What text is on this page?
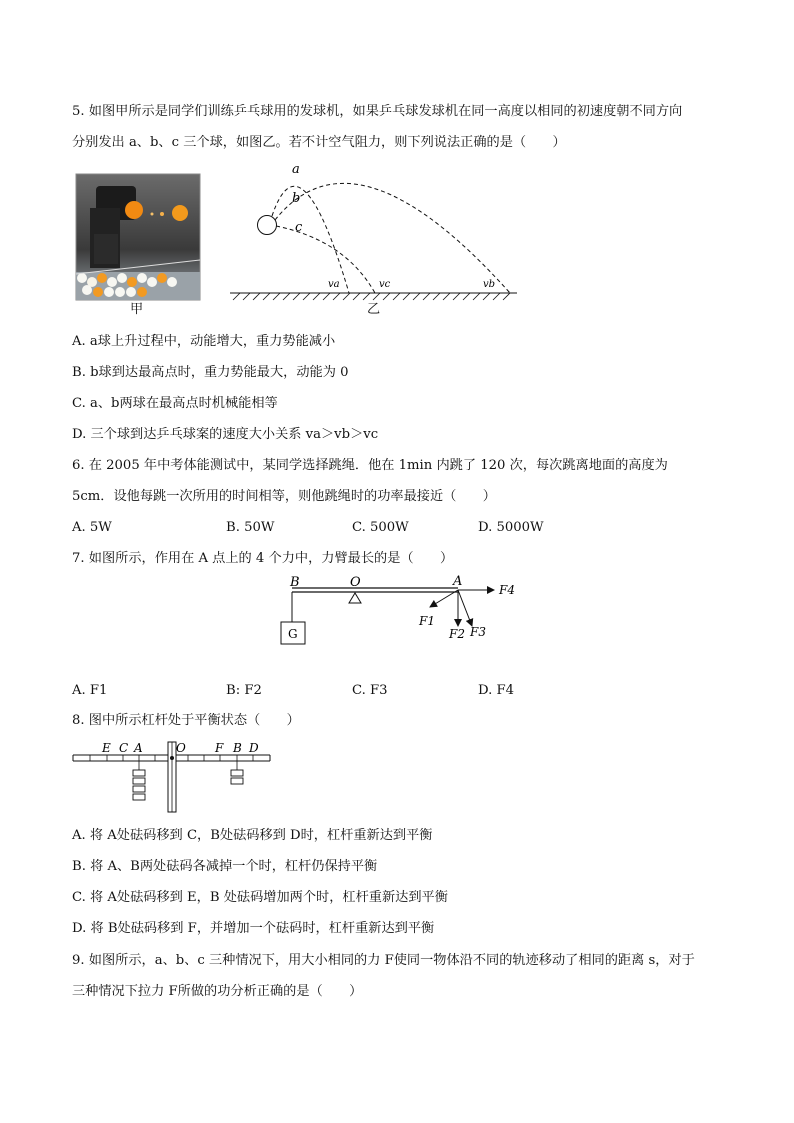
5. 如图甲所示是同学们训练乒乓球用的发球机，如果乒乓球发球机在同一高度以相同的初速度朝不同方向
分别发出 a、b、c 三个球，如图乙。若不计空气阻力，则下列说法正确的是（　　）
甲
a
b
c
va	vc	vb
乙
A. a球上升过程中，动能增大，重力势能减小
B. b球到达最高点时，重力势能最大，动能为 0
C. a、b两球在最高点时机械能相等
D. 三个球到达乒乓球案的速度大小关系 va＞vb＞vc
6. 在 2005 年中考体能测试中，某同学选择跳绳．他在 1min 内跳了 120 次，每次跳离地面的高度为
5cm．设他每跳一次所用的时间相等，则他跳绳时的功率最接近（　　）
A. 5W	B. 50W	C. 500W	D. 5000W
7. 如图所示，作用在 A 点上的 4 个力中，力臂最长的是（　　）
G
B	O	A
F4
F1
F2 F3
A. F1	B: F2	C. F3	D. F4
8. 图中所示杠杆处于平衡状态（　　）
E C A	O F B D
A. 将 A处砝码移到 C，B处砝码移到 D时，杠杆重新达到平衡
B. 将 A、B两处砝码各减掉一个时，杠杆仍保持平衡
C. 将 A处砝码移到 E，B 处砝码增加两个时，杠杆重新达到平衡
D. 将 B处砝码移到 F，并增加一个砝码时，杠杆重新达到平衡
9. 如图所示，a、b、c 三种情况下，用大小相同的力 F使同一物体沿不同的轨迹移动了相同的距离 s，对于
三种情况下拉力 F所做的功分析正确的是（　　）
